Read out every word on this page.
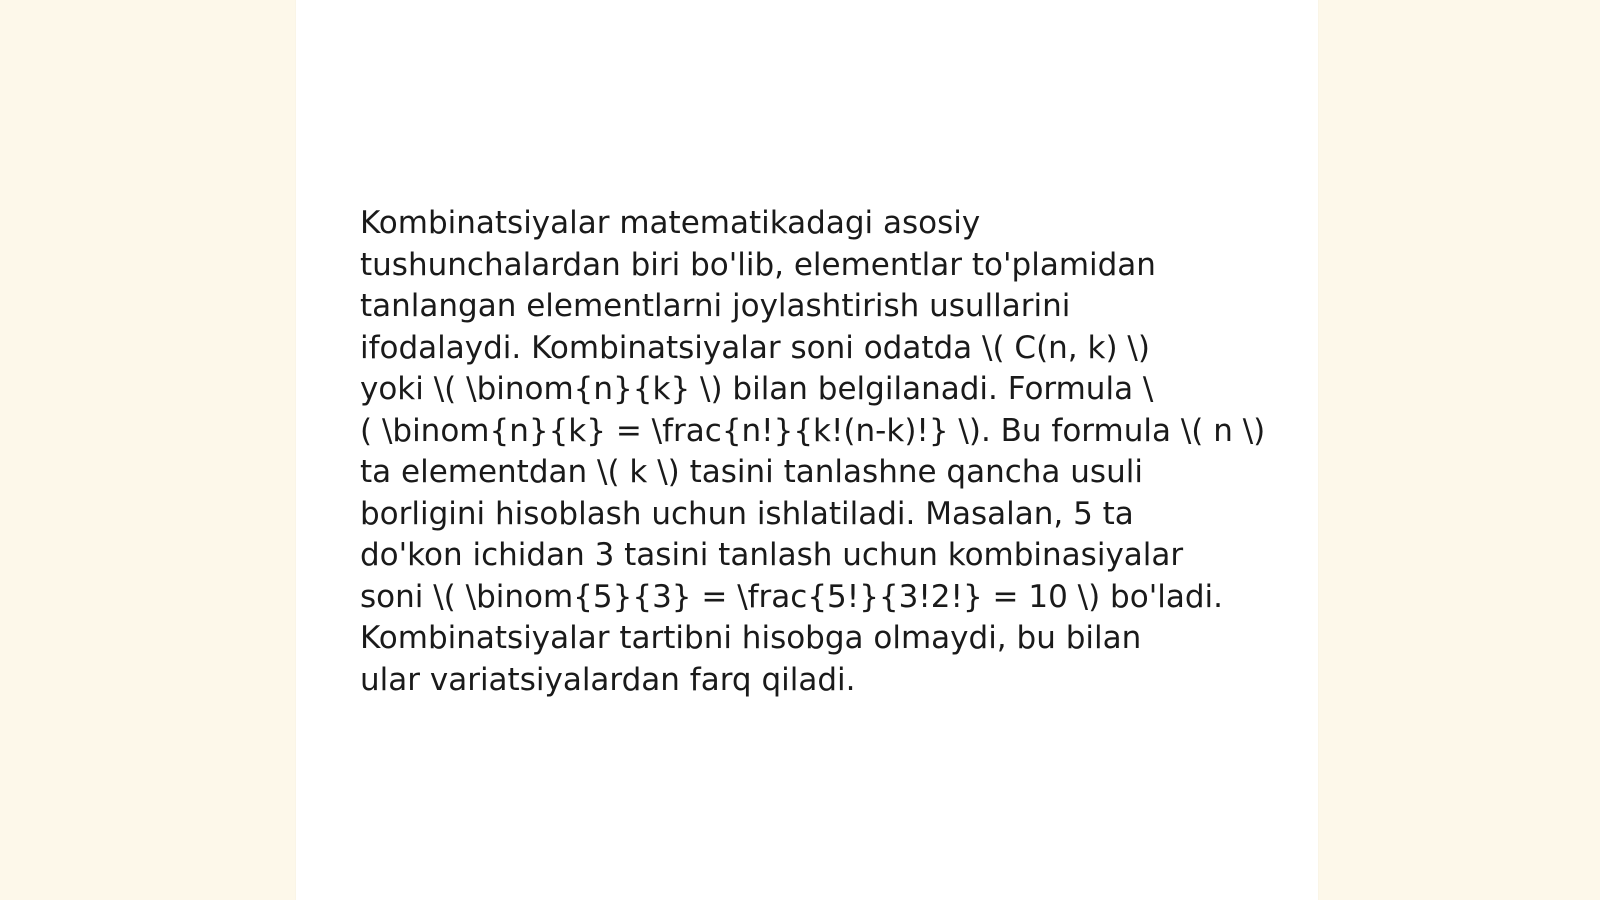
Kombinatsiyalar matematikadagi asosiy
tushunchalardan biri bo'lib, elementlar to'plamidan
tanlangan elementlarni joylashtirish usullarini
ifodalaydi. Kombinatsiyalar soni odatda \( C(n, k) \)
yoki \( \binom{n}{k} \) bilan belgilanadi. Formula \
( \binom{n}{k} = \frac{n!}{k!(n-k)!} \). Bu formula \( n \)
ta elementdan \( k \) tasini tanlashne qancha usuli
borligini hisoblash uchun ishlatiladi. Masalan, 5 ta
do'kon ichidan 3 tasini tanlash uchun kombinasiyalar
soni \( \binom{5}{3} = \frac{5!}{3!2!} = 10 \) bo'ladi.
Kombinatsiyalar tartibni hisobga olmaydi, bu bilan
ular variatsiyalardan farq qiladi.
